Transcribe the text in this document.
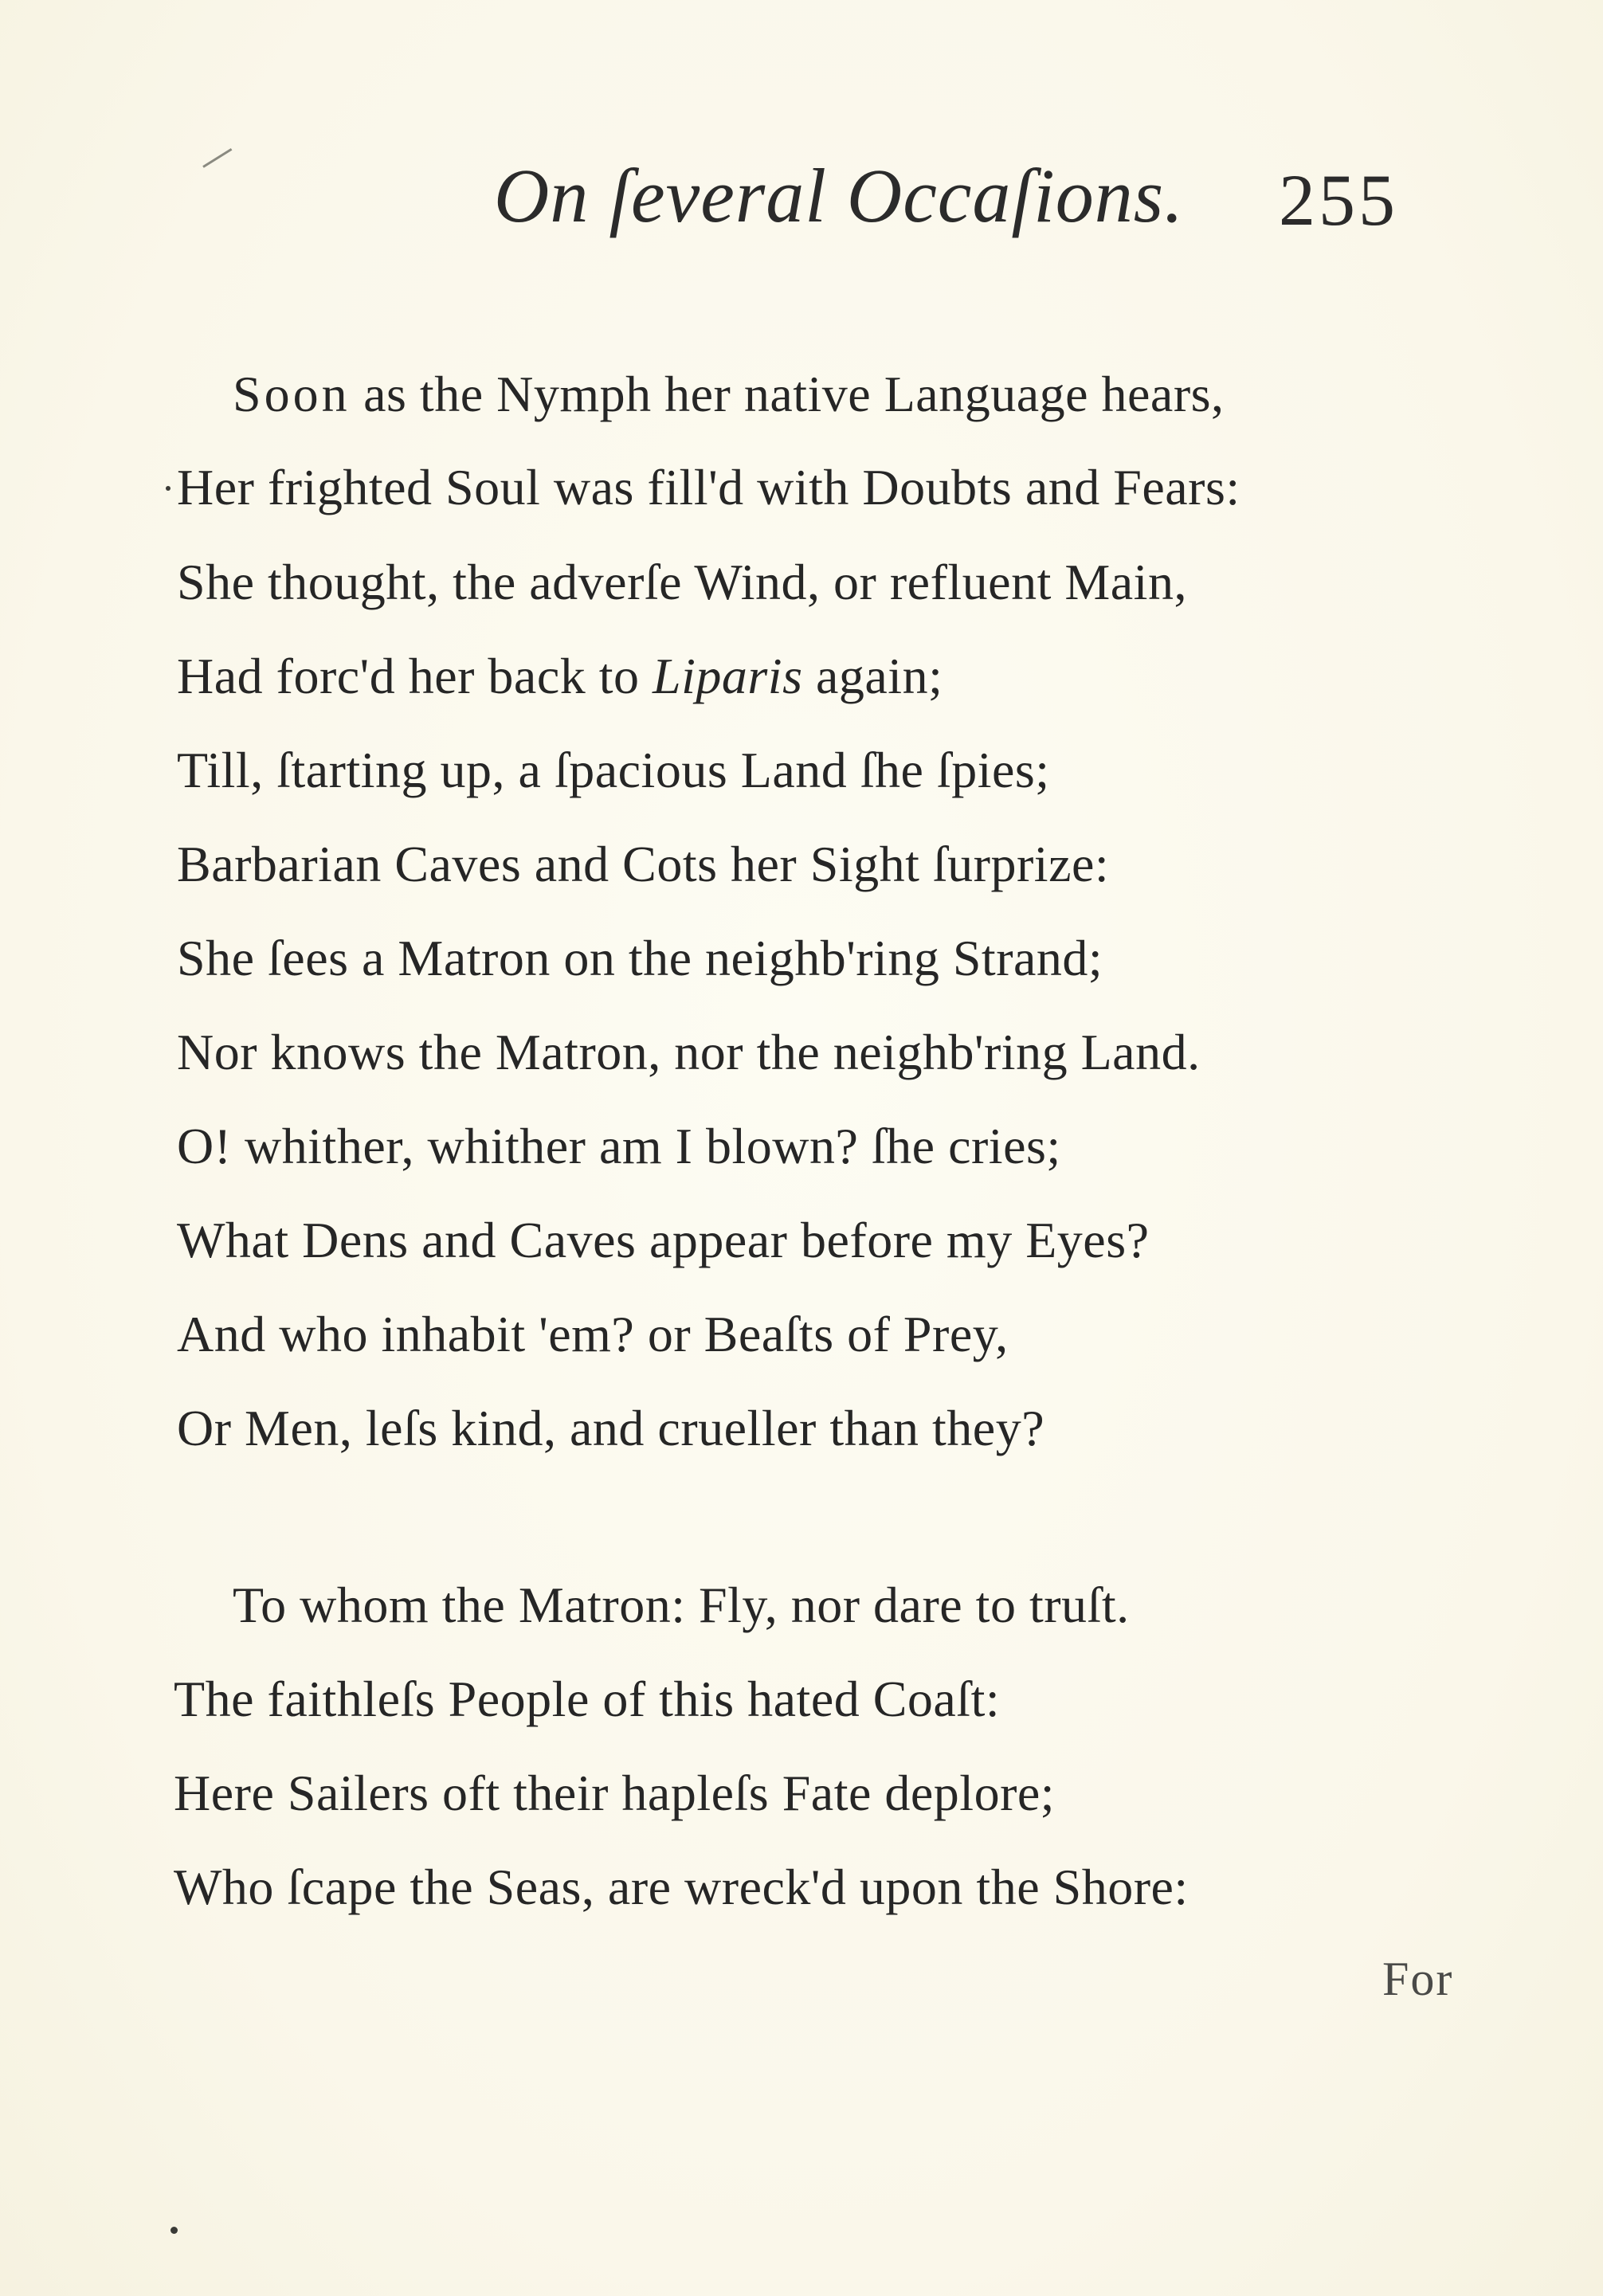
On ſeveral Occaſions. 255
Soon as the Nymph her native Language hears,
Her frighted Soul was fill'd with Doubts and Fears:
She thought, the adverſe Wind, or refluent Main,
Had forc'd her back to Liparis again;
Till, ſtarting up, a ſpacious Land ſhe ſpies;
Barbarian Caves and Cots her Sight ſurprize:
She ſees a Matron on the neighb'ring Strand;
Nor knows the Matron, nor the neighb'ring Land.
O! whither, whither am I blown? ſhe cries;
What Dens and Caves appear before my Eyes?
And who inhabit 'em? or Beaſts of Prey,
Or Men, leſs kind, and crueller than they?
To whom the Matron: Fly, nor dare to truſt.
The faithleſs People of this hated Coaſt:
Here Sailers oft their hapleſs Fate deplore;
Who ſcape the Seas, are wreck'd upon the Shore:
For
